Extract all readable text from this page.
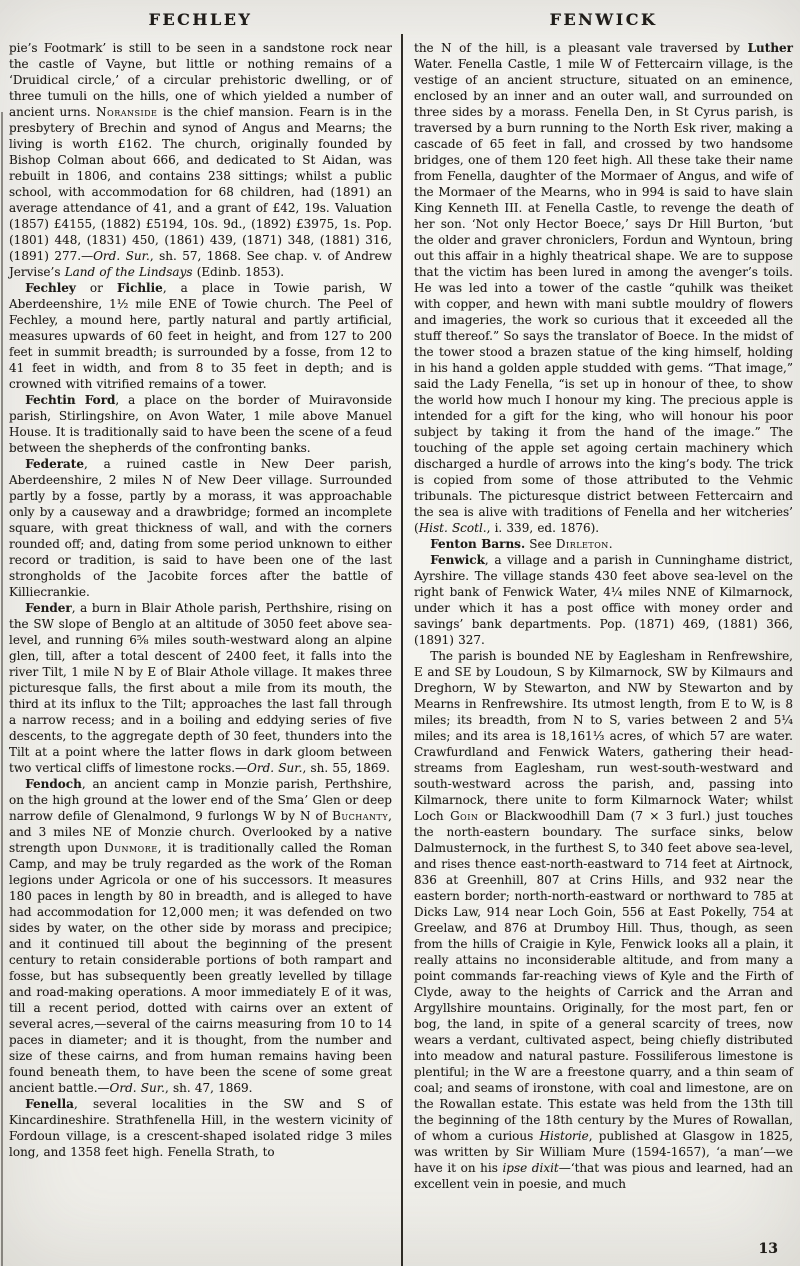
FECHLEY

pie’s Footmark’ is still to be seen in a sandstone rock near the castle of Vayne, but little or nothing remains of a ‘Druidical circle,’ of a circular prehistoric dwelling, or of three tumuli on the hills, one of which yielded a number of ancient urns. Noranside is the chief mansion. Fearn is in the presbytery of Brechin and synod of Angus and Mearns; the living is worth £162. The church, originally founded by Bishop Colman about 666, and dedicated to St Aidan, was rebuilt in 1806, and contains 238 sittings; whilst a public school, with accommodation for 68 children, had (1891) an average attendance of 41, and a grant of £42, 19s. Valuation (1857) £4155, (1882) £5194, 10s. 9d., (1892) £3975, 1s. Pop. (1801) 448, (1831) 450, (1861) 439, (1871) 348, (1881) 316, (1891) 277.—Ord. Sur., sh. 57, 1868. See chap. v. of Andrew Jervise’s Land of the Lindsays (Edinb. 1853).

Fechley or Fichlie, a place in Towie parish, W Aberdeenshire, 1½ mile ENE of Towie church. The Peel of Fechley, a mound here, partly natural and partly artificial, measures upwards of 60 feet in height, and from 127 to 200 feet in summit breadth; is surrounded by a fosse, from 12 to 41 feet in width, and from 8 to 35 feet in depth; and is crowned with vitrified remains of a tower.

Fechtin Ford, a place on the border of Muiravonside parish, Stirlingshire, on Avon Water, 1 mile above Manuel House. It is traditionally said to have been the scene of a feud between the shepherds of the confronting banks.

Federate, a ruined castle in New Deer parish, Aberdeenshire, 2 miles N of New Deer village. Surrounded partly by a fosse, partly by a morass, it was approachable only by a causeway and a drawbridge; formed an incomplete square, with great thickness of wall, and with the corners rounded off; and, dating from some period unknown to either record or tradition, is said to have been one of the last strongholds of the Jacobite forces after the battle of Killiecrankie.

Fender, a burn in Blair Athole parish, Perthshire, rising on the SW slope of Benglo at an altitude of 3050 feet above sea-level, and running 6⅝ miles south-westward along an alpine glen, till, after a total descent of 2400 feet, it falls into the river Tilt, 1 mile N by E of Blair Athole village. It makes three picturesque falls, the first about a mile from its mouth, the third at its influx to the Tilt; approaches the last fall through a narrow recess; and in a boiling and eddying series of five descents, to the aggregate depth of 30 feet, thunders into the Tilt at a point where the latter flows in dark gloom between two vertical cliffs of limestone rocks.—Ord. Sur., sh. 55, 1869.

Fendoch, an ancient camp in Monzie parish, Perthshire, on the high ground at the lower end of the Sma’ Glen or deep narrow defile of Glenalmond, 9 furlongs W by N of Buchanty, and 3 miles NE of Monzie church. Overlooked by a native strength upon Dunmore, it is traditionally called the Roman Camp, and may be truly regarded as the work of the Roman legions under Agricola or one of his successors. It measures 180 paces in length by 80 in breadth, and is alleged to have had accommodation for 12,000 men; it was defended on two sides by water, on the other side by morass and precipice; and it continued till about the beginning of the present century to retain considerable portions of both rampart and fosse, but has subsequently been greatly levelled by tillage and road-making operations. A moor immediately E of it was, till a recent period, dotted with cairns over an extent of several acres,—several of the cairns measuring from 10 to 14 paces in diameter; and it is thought, from the number and size of these cairns, and from human remains having been found beneath them, to have been the scene of some great ancient battle.—Ord. Sur., sh. 47, 1869.

Fenella, several localities in the SW and S of Kincardineshire. Strathfenella Hill, in the western vicinity of Fordoun village, is a crescent-shaped isolated ridge 3 miles long, and 1358 feet high. Fenella Strath, to

FENWICK

the N of the hill, is a pleasant vale traversed by Luther Water. Fenella Castle, 1 mile W of Fettercairn village, is the vestige of an ancient structure, situated on an eminence, enclosed by an inner and an outer wall, and surrounded on three sides by a morass. Fenella Den, in St Cyrus parish, is traversed by a burn running to the North Esk river, making a cascade of 65 feet in fall, and crossed by two handsome bridges, one of them 120 feet high. All these take their name from Fenella, daughter of the Mormaer of Angus, and wife of the Mormaer of the Mearns, who in 994 is said to have slain King Kenneth III. at Fenella Castle, to revenge the death of her son. ‘Not only Hector Boece,’ says Dr Hill Burton, ‘but the older and graver chroniclers, Fordun and Wyntoun, bring out this affair in a highly theatrical shape. We are to suppose that the victim has been lured in among the avenger’s toils. He was led into a tower of the castle “quhilk was theiket with copper, and hewn with mani subtle mouldry of flowers and imageries, the work so curious that it exceeded all the stuff thereof.” So says the translator of Boece. In the midst of the tower stood a brazen statue of the king himself, holding in his hand a golden apple studded with gems. “That image,” said the Lady Fenella, “is set up in honour of thee, to show the world how much I honour my king. The precious apple is intended for a gift for the king, who will honour his poor subject by taking it from the hand of the image.” The touching of the apple set agoing certain machinery which discharged a hurdle of arrows into the king’s body. The trick is copied from some of those attributed to the Vehmic tribunals. The picturesque district between Fettercairn and the sea is alive with traditions of Fenella and her witcheries’ (Hist. Scotl., i. 339, ed. 1876).

Fenton Barns. See Dirleton.

Fenwick, a village and a parish in Cunninghame district, Ayrshire. The village stands 430 feet above sea-level on the right bank of Fenwick Water, 4¼ miles NNE of Kilmarnock, under which it has a post office with money order and savings’ bank departments. Pop. (1871) 469, (1881) 366, (1891) 327.

The parish is bounded NE by Eaglesham in Renfrewshire, E and SE by Loudoun, S by Kilmarnock, SW by Kilmaurs and Dreghorn, W by Stewarton, and NW by Stewarton and by Mearns in Renfrewshire. Its utmost length, from E to W, is 8 miles; its breadth, from N to S, varies between 2 and 5¼ miles; and its area is 18,161⅓ acres, of which 57 are water. Crawfurdland and Fenwick Waters, gathering their head-streams from Eaglesham, run west-south-westward and south-westward across the parish, and, passing into Kilmarnock, there unite to form Kilmarnock Water; whilst Loch Goin or Blackwoodhill Dam (7 × 3 furl.) just touches the north-eastern boundary. The surface sinks, below Dalmusternock, in the furthest S, to 340 feet above sea-level, and rises thence east-north-eastward to 714 feet at Airtnock, 836 at Greenhill, 807 at Crins Hills, and 932 near the eastern border; north-north-eastward or northward to 785 at Dicks Law, 914 near Loch Goin, 556 at East Pokelly, 754 at Greelaw, and 876 at Drumboy Hill. Thus, though, as seen from the hills of Craigie in Kyle, Fenwick looks all a plain, it really attains no inconsiderable altitude, and from many a point commands far-reaching views of Kyle and the Firth of Clyde, away to the heights of Carrick and the Arran and Argyllshire mountains. Originally, for the most part, fen or bog, the land, in spite of a general scarcity of trees, now wears a verdant, cultivated aspect, being chiefly distributed into meadow and natural pasture. Fossiliferous limestone is plentiful; in the W are a freestone quarry, and a thin seam of coal; and seams of ironstone, with coal and limestone, are on the Rowallan estate. This estate was held from the 13th till the beginning of the 18th century by the Mures of Rowallan, of whom a curious Historie, published at Glasgow in 1825, was written by Sir William Mure (1594-1657), ‘a man’—we have it on his ipse dixit—‘that was pious and learned, had an excellent vein in poesie, and much

13
